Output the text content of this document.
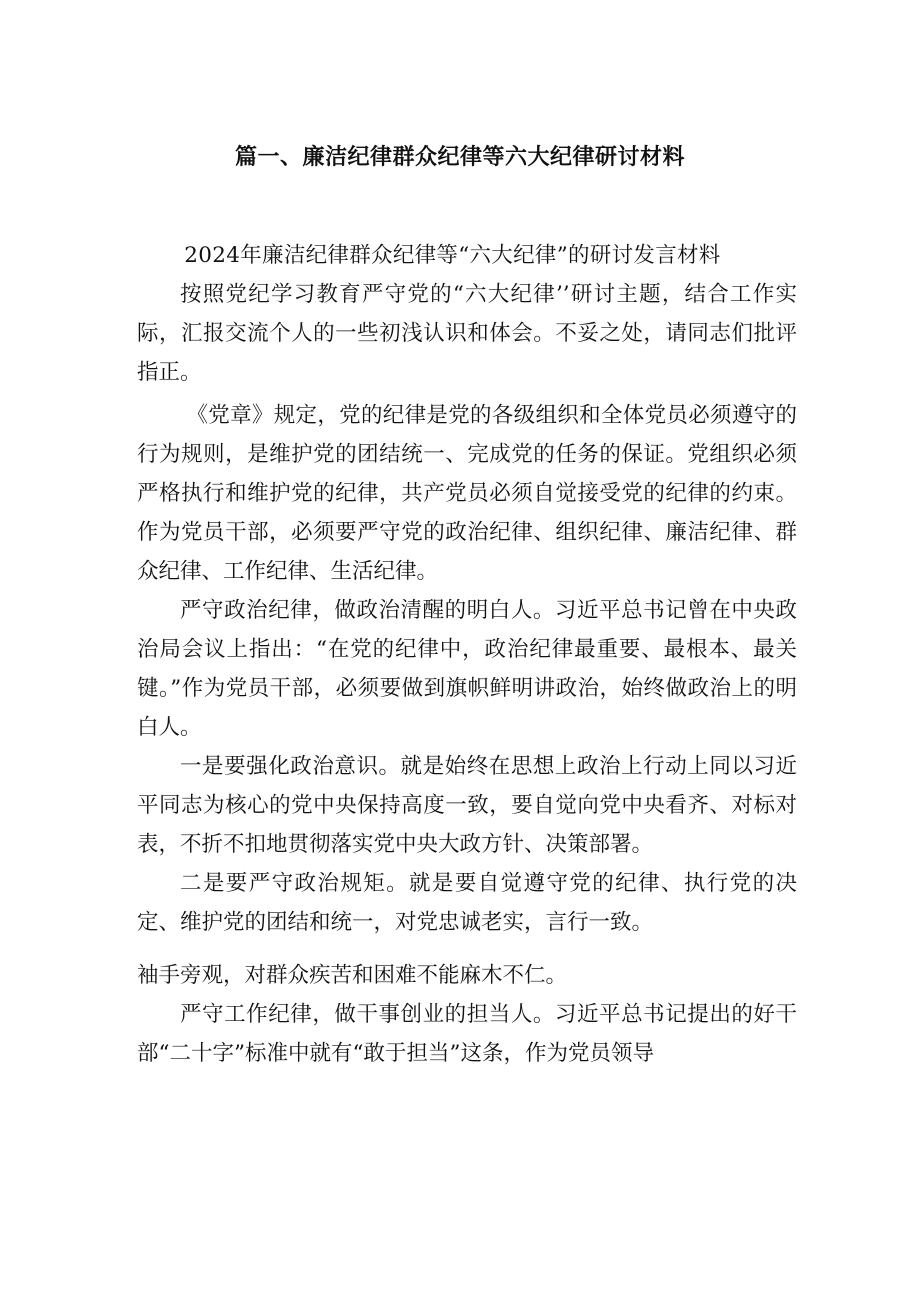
篇一、廉洁纪律群众纪律等六大纪律研讨材料

2024年廉洁纪律群众纪律等“六大纪律”的研讨发言材料

按照党纪学习教育严守党的“六大纪律’’研讨主题，结合工作实际，汇报交流个人的一些初浅认识和体会。不妥之处，请同志们批评指正。

《党章》规定，党的纪律是党的各级组织和全体党员必须遵守的行为规则，是维护党的团结统一、完成党的任务的保证。党组织必须严格执行和维护党的纪律，共产党员必须自觉接受党的纪律的约束。作为党员干部，必须要严守党的政治纪律、组织纪律、廉洁纪律、群众纪律、工作纪律、生活纪律。

严守政治纪律，做政治清醒的明白人。习近平总书记曾在中央政治局会议上指出：“在党的纪律中，政治纪律最重要、最根本、最关键。”作为党员干部，必须要做到旗帜鲜明讲政治，始终做政治上的明白人。

一是要强化政治意识。就是始终在思想上政治上行动上同以习近平同志为核心的党中央保持高度一致，要自觉向党中央看齐、对标对表，不折不扣地贯彻落实党中央大政方针、决策部署。

二是要严守政治规矩。就是要自觉遵守党的纪律、执行党的决定、维护党的团结和统一，对党忠诚老实，言行一致。

袖手旁观，对群众疾苦和困难不能麻木不仁。

严守工作纪律，做干事创业的担当人。习近平总书记提出的好干部“二十字”标准中就有“敢于担当”这条，作为党员领导
